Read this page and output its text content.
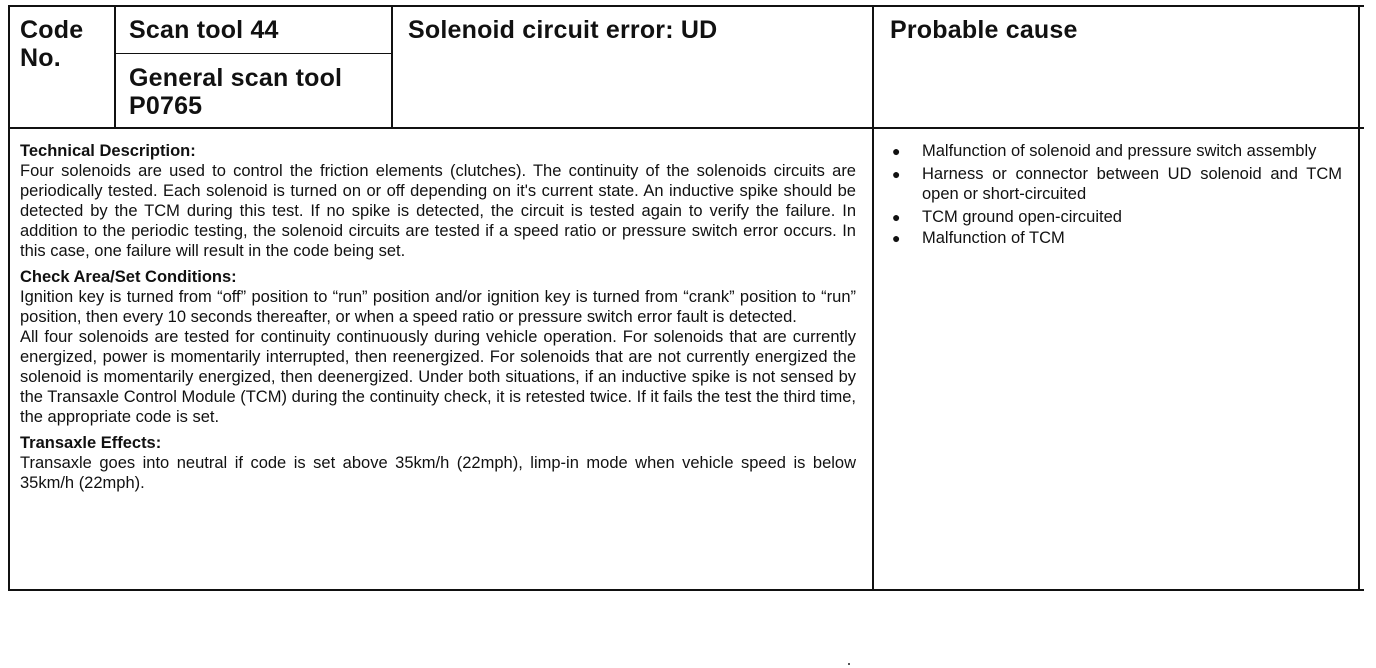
Code No.
Scan tool 44
General scan tool P0765
Solenoid circuit error: UD	Probable cause
Technical Description:
Four solenoids are used to control the friction elements (clutches). The continuity of the solenoids circuits are periodically tested. Each solenoid is turned on or off depending on it's current state. An inductive spike should be detected by the TCM during this test. If no spike is detected, the circuit is tested again to verify the failure. In addition to the periodic testing, the solenoid circuits are tested if a speed ratio or pressure switch error occurs. In this case, one failure will result in the code being set.
Check Area/Set Conditions:
Ignition key is turned from “off” position to “run” position and/or ignition key is turned from “crank” position to “run” position, then every 10 seconds thereafter, or when a speed ratio or pressure switch error fault is detected.
All four solenoids are tested for continuity continuously during vehicle operation. For solenoids that are currently energized, power is momentarily interrupted, then reenergized. For solenoids that are not currently energized the solenoid is momentarily energized, then deenergized. Under both situations, if an inductive spike is not sensed by the Transaxle Control Module (TCM) during the continuity check, it is retested twice. If it fails the test the third time, the appropriate code is set.
Transaxle Effects:
Transaxle goes into neutral if code is set above 35km/h (22mph), limp-in mode when vehicle speed is below 35km/h (22mph).
● Malfunction of solenoid and pressure switch assembly
● Harness or connector between UD solenoid and TCM open or short-circuited
● TCM ground open-circuited
● Malfunction of TCM
